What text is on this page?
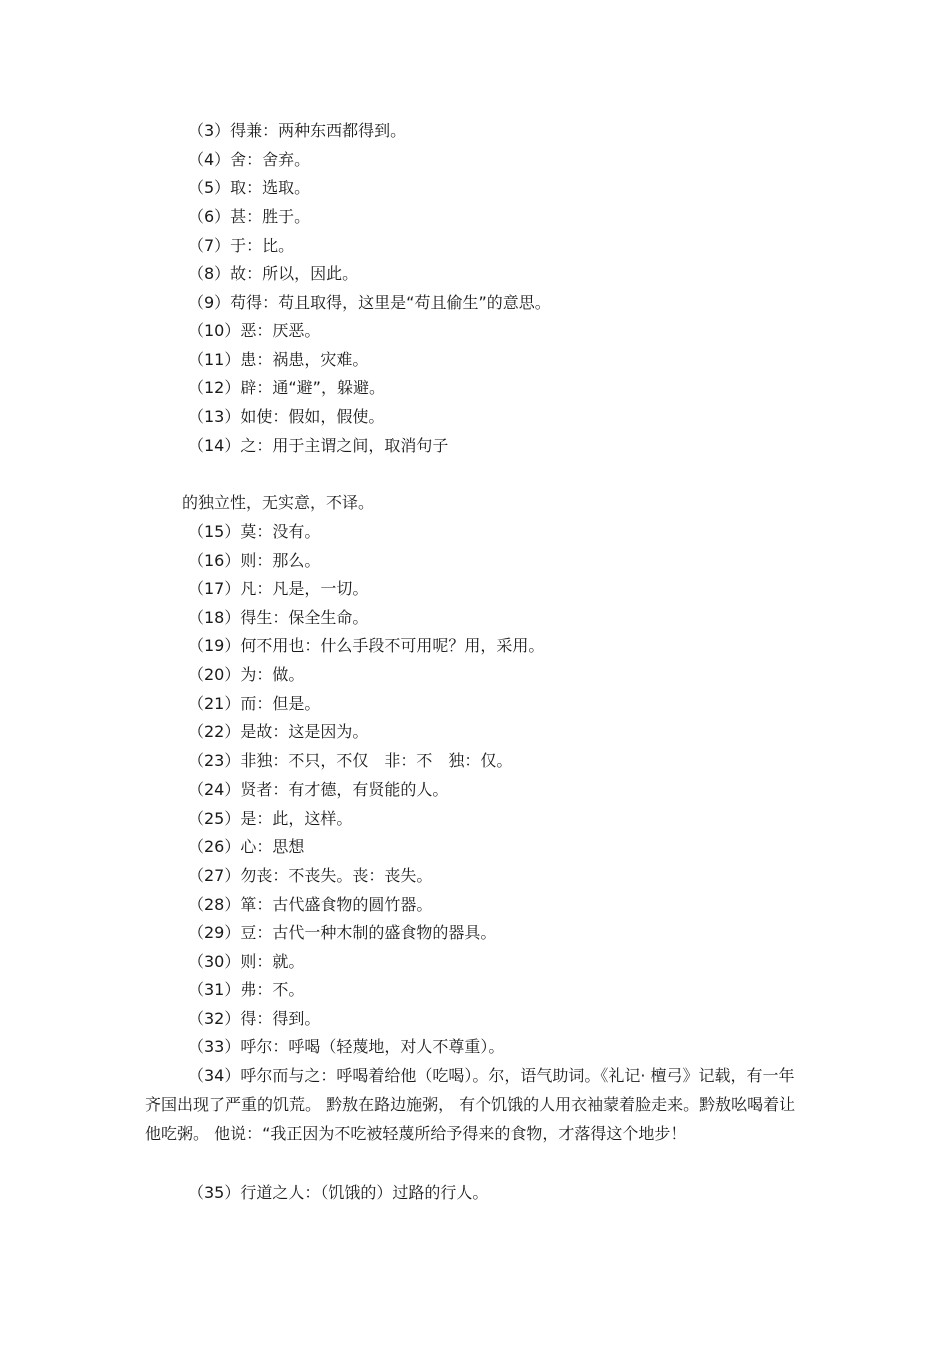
（3）得兼：两种东西都得到。
（4）舍：舍弃。
（5）取：选取。
（6）甚：胜于。
（7）于：比。
（8）故：所以，因此。
（9）苟得：苟且取得，这里是“苟且偷生”的意思。
（10）恶：厌恶。
（11）患：祸患，灾难。
（12）辟：通“避”，躲避。
（13）如使：假如，假使。
（14）之：用于主谓之间，取消句子
的独立性，无实意，不译。
（15）莫：没有。
（16）则：那么。
（17）凡：凡是，一切。
（18）得生：保全生命。
（19）何不用也：什么手段不可用呢？用，采用。
（20）为：做。
（21）而：但是。
（22）是故：这是因为。
（23）非独：不只，不仅　非：不　独：仅。
（24）贤者：有才德，有贤能的人。
（25）是：此，这样。
（26）心：思想
（27）勿丧：不丧失。丧：丧失。
（28）箪：古代盛食物的圆竹器。
（29）豆：古代一种木制的盛食物的器具。
（30）则：就。
（31）弗：不。
（32）得：得到。
（33）呼尔：呼喝（轻蔑地，对人不尊重）。
（34）呼尔而与之：呼喝着给他（吃喝）。尔，语气助词。《礼记· 檀弓》记载，有一年齐国出现了严重的饥荒。 黔敖在路边施粥， 有个饥饿的人用衣袖蒙着脸走来。黔敖吆喝着让他吃粥。 他说：“我正因为不吃被轻蔑所给予得来的食物，才落得这个地步！
（35）行道之人：（饥饿的）过路的行人。
